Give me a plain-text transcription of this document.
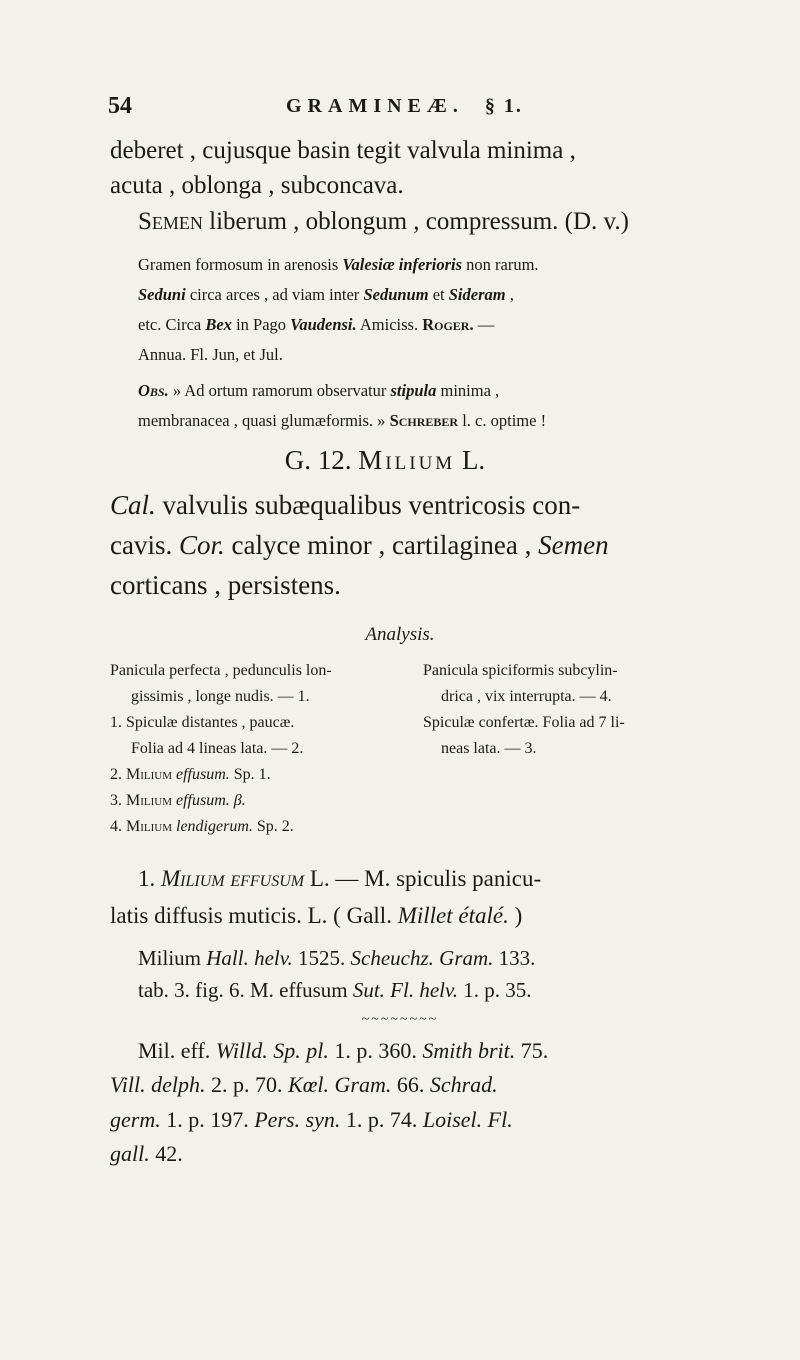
54	GRAMINEÆ. § 1.
deberet , cujusque basin tegit valvula minima ,
acuta , oblonga , subconcava.
Semen liberum , oblongum , compressum. (D. v.)
Gramen formosum in arenosis Valesiæ inferioris non rarum.
Seduni circa arces , ad viam inter Sedunum et Sideram ,
etc. Circa Bex in Pago Vaudensi. Amiciss. Roger. —
Annua. Fl. Jun, et Jul.
Obs. » Ad ortum ramorum observatur stipula minima ,
membranacea , quasi glumæformis. » Schreber l. c. optime !
G. 12. Milium L.
Cal. valvulis subæqualibus ventricosis con-
cavis. Cor. calyce minor , cartilaginea , Semen
corticans , persistens.
Analysis.
Panicula perfecta , pedunculis lon-
gissimis , longe nudis. — 1.
1. Spiculæ distantes , paucæ.
Folia ad 4 lineas lata. — 2.
2. Milium effusum. Sp. 1.
3. Milium effusum. β.
4. Milium lendigerum. Sp. 2.
Panicula spiciformis subcylin-
drica , vix interrupta. — 4.
Spiculæ confertæ. Folia ad 7 li-
neas lata. — 3.
1. Milium effusum L. — M. spiculis panicu-
latis diffusis muticis. L. ( Gall. Millet étalé. )
Milium Hall. helv. 1525. Scheuchz. Gram. 133.
tab. 3. fig. 6. M. effusum Sut. Fl. helv. 1. p. 35.
~~~~~~~~
Mil. eff. Willd. Sp. pl. 1. p. 360. Smith brit. 75.
Vill. delph. 2. p. 70. Kœl. Gram. 66. Schrad.
germ. 1. p. 197. Pers. syn. 1. p. 74. Loisel. Fl.
gall. 42.
